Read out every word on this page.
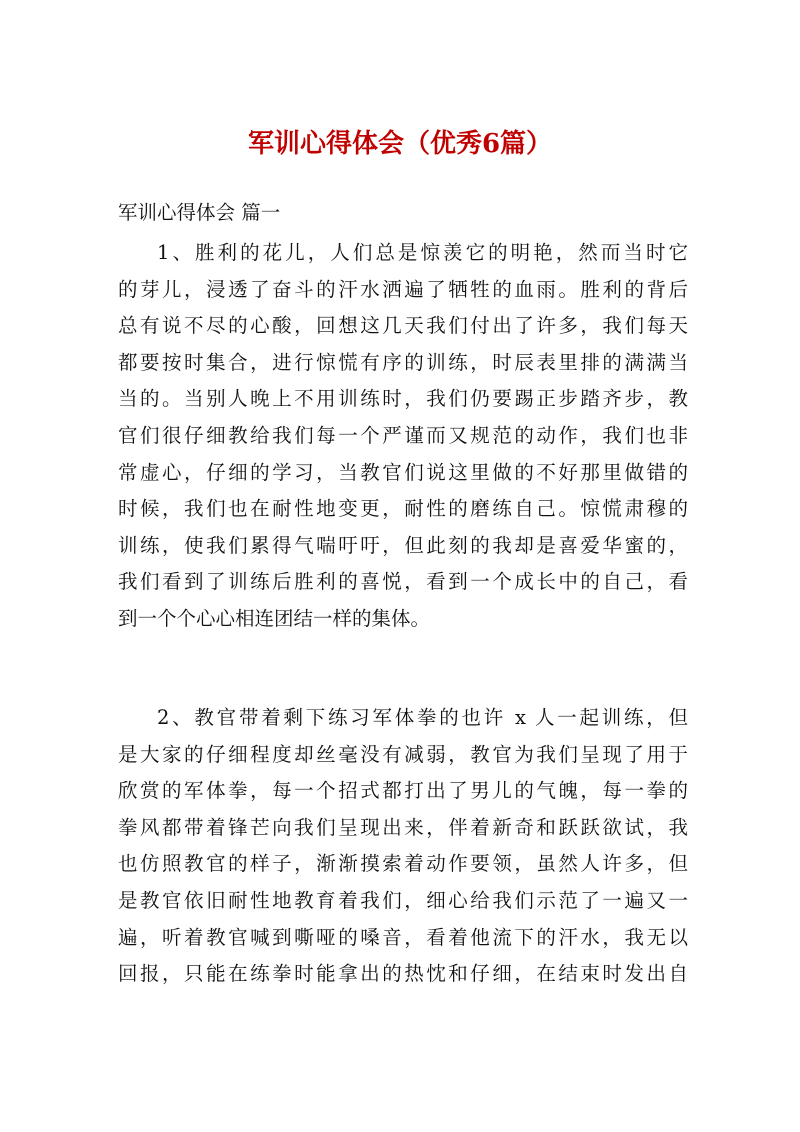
军训心得体会（优秀6篇）
军训心得体会 篇一
1、胜利的花儿，人们总是惊羡它的明艳，然而当时它
的芽儿，浸透了奋斗的汗水洒遍了牺牲的血雨。胜利的背后
总有说不尽的心酸，回想这几天我们付出了许多，我们每天
都要按时集合，进行惊慌有序的训练，时辰表里排的满满当
当的。当别人晚上不用训练时，我们仍要踢正步踏齐步，教
官们很仔细教给我们每一个严谨而又规范的动作，我们也非
常虚心，仔细的学习，当教官们说这里做的不好那里做错的
时候，我们也在耐性地变更，耐性的磨练自己。惊慌肃穆的
训练，使我们累得气喘吁吁，但此刻的我却是喜爱华蜜的，
我们看到了训练后胜利的喜悦，看到一个成长中的自己，看
到一个个心心相连团结一样的集体。
2、教官带着剩下练习军体拳的也许 x 人一起训练，但
是大家的仔细程度却丝毫没有减弱，教官为我们呈现了用于
欣赏的军体拳，每一个招式都打出了男儿的气魄，每一拳的
拳风都带着锋芒向我们呈现出来，伴着新奇和跃跃欲试，我
也仿照教官的样子，渐渐摸索着动作要领，虽然人许多，但
是教官依旧耐性地教育着我们，细心给我们示范了一遍又一
遍，听着教官喊到嘶哑的嗓音，看着他流下的汗水，我无以
回报，只能在练拳时能拿出的热忱和仔细，在结束时发出自
